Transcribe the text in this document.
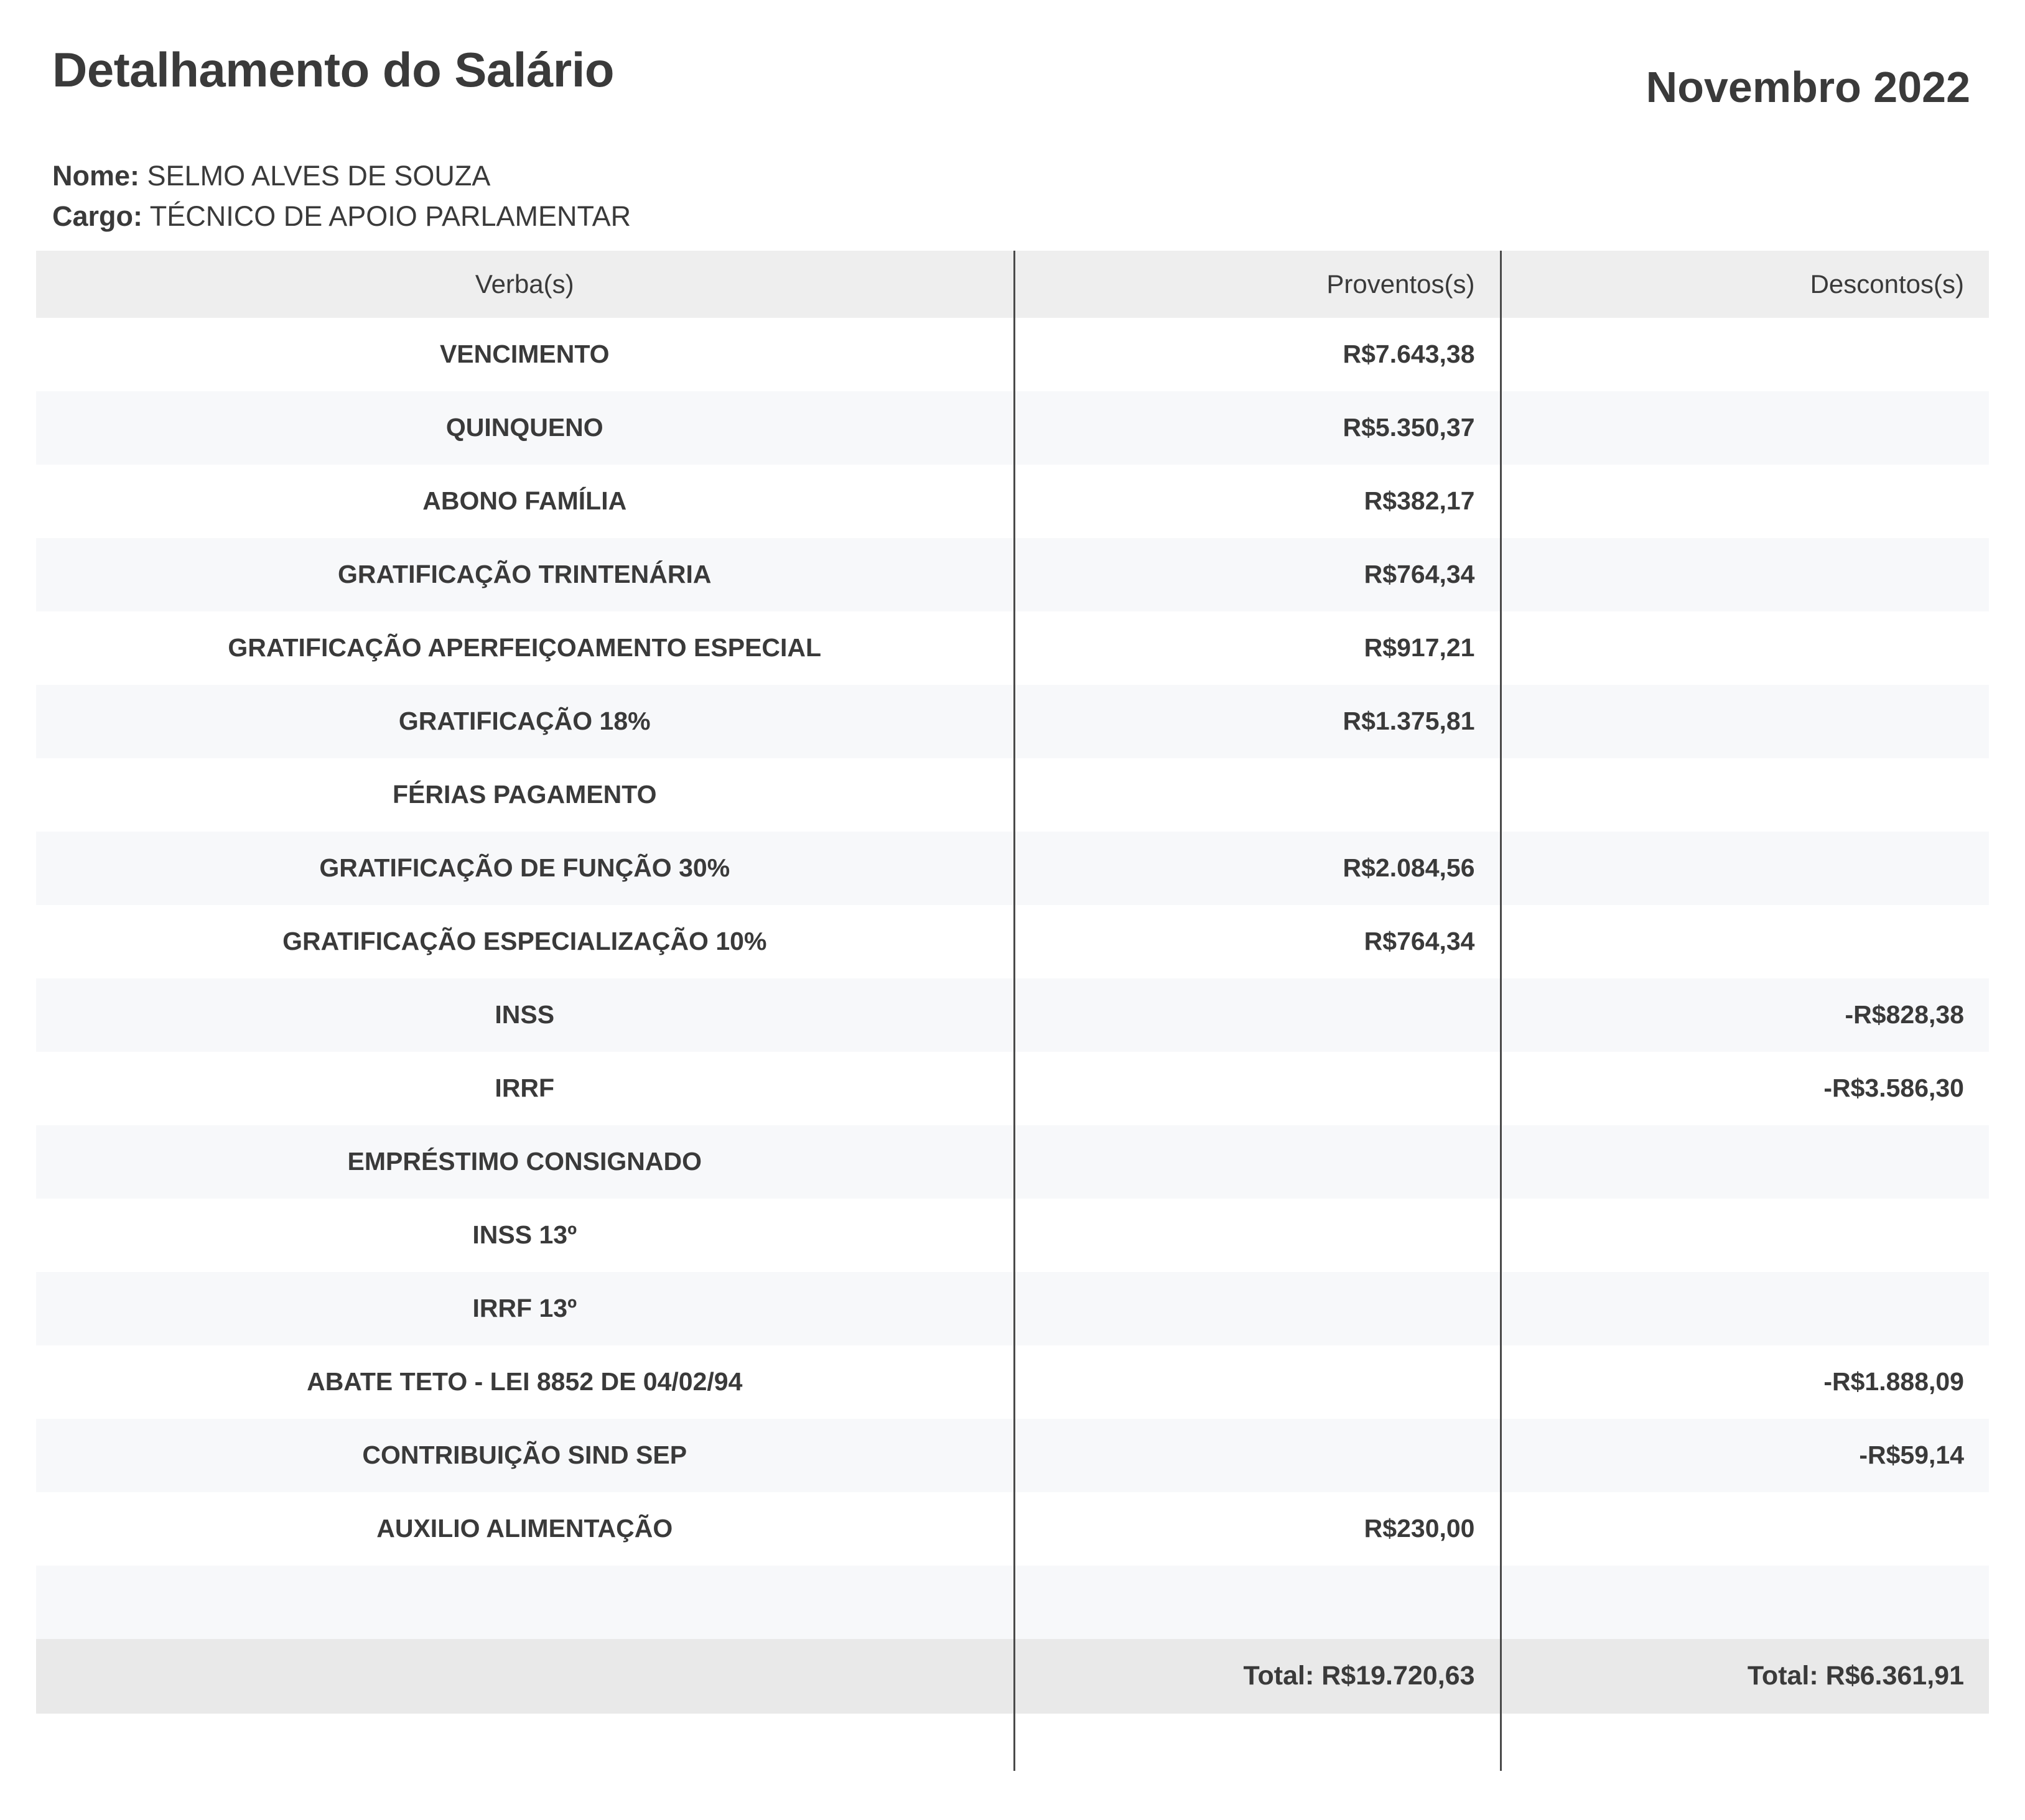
Detalhamento do Salário	Novembro 2022
Nome: SELMO ALVES DE SOUZA
Cargo: TÉCNICO DE APOIO PARLAMENTAR
Verba(s)	Proventos(s)	Descontos(s)
VENCIMENTO	R$7.643,38	
QUINQUENO	R$5.350,37	
ABONO FAMÍLIA	R$382,17	
GRATIFICAÇÃO TRINTENÁRIA	R$764,34	
GRATIFICAÇÃO APERFEIÇOAMENTO ESPECIAL	R$917,21	
GRATIFICAÇÃO 18%	R$1.375,81	
FÉRIAS PAGAMENTO		
GRATIFICAÇÃO DE FUNÇÃO 30%	R$2.084,56	
GRATIFICAÇÃO ESPECIALIZAÇÃO 10%	R$764,34	
INSS		-R$828,38
IRRF		-R$3.586,30
EMPRÉSTIMO CONSIGNADO		
INSS 13º		
IRRF 13º		
ABATE TETO - LEI 8852 DE 04/02/94		-R$1.888,09
CONTRIBUIÇÃO SIND SEP		-R$59,14
AUXILIO ALIMENTAÇÃO	R$230,00	

	Total: R$19.720,63	Total: R$6.361,91
